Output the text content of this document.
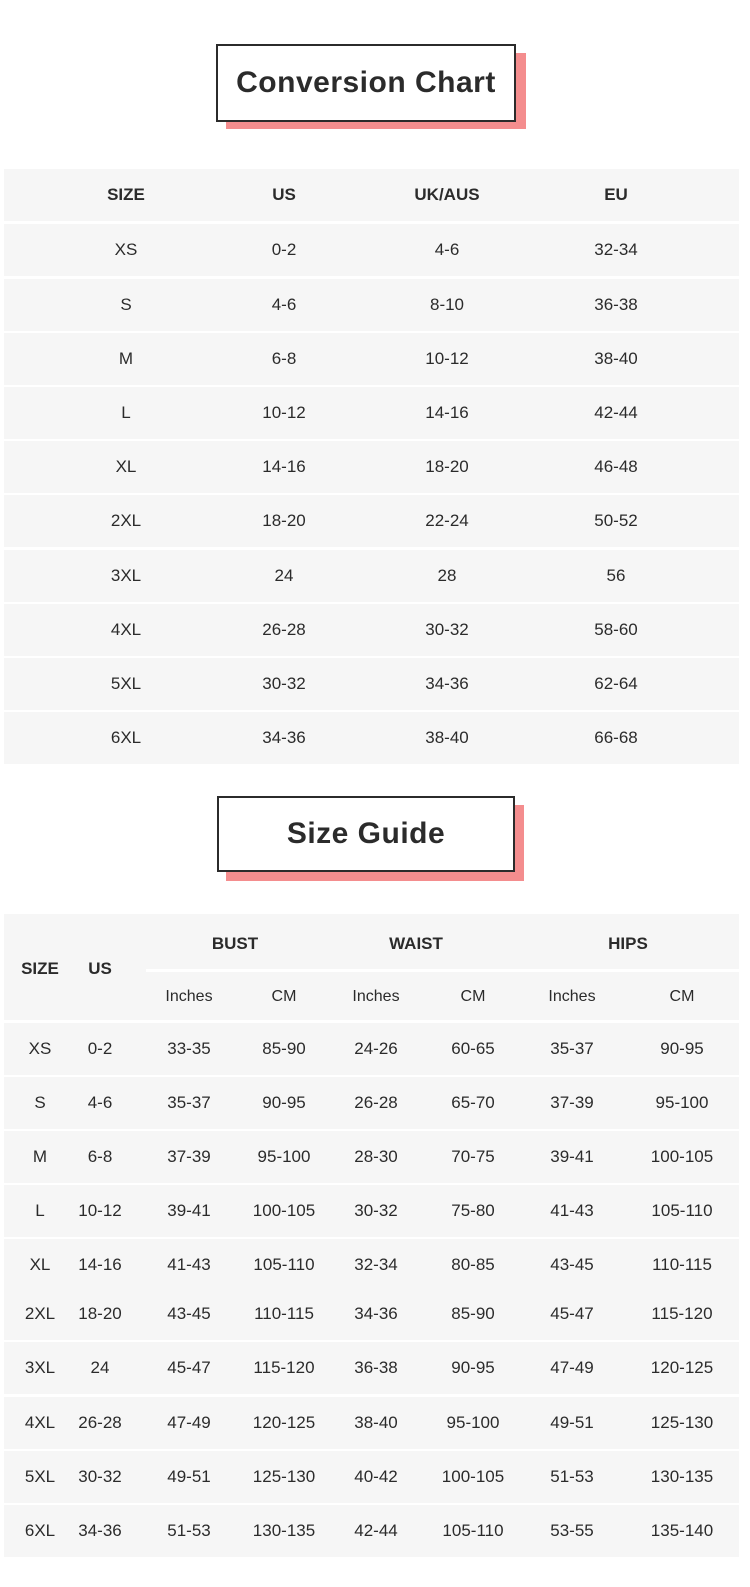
Conversion Chart
SIZE	US	UK/AUS	EU
XS	0-2	4-6	32-34
S	4-6	8-10	36-38
M	6-8	10-12	38-40
L	10-12	14-16	42-44
XL	14-16	18-20	46-48
2XL	18-20	22-24	50-52
3XL	24	28	56
4XL	26-28	30-32	58-60
5XL	30-32	34-36	62-64
6XL	34-36	38-40	66-68
Size Guide
SIZE	US
BUST	WAIST	HIPS
Inches	CM	Inches	CM	Inches	CM
XS	0-2	33-35	85-90	24-26	60-65	35-37	90-95
S	4-6	35-37	90-95	26-28	65-70	37-39	95-100
M	6-8	37-39	95-100	28-30	70-75	39-41	100-105
L	10-12	39-41	100-105	30-32	75-80	41-43	105-110
XL	14-16	41-43	105-110	32-34	80-85	43-45	110-115
2XL	18-20	43-45	110-115	34-36	85-90	45-47	115-120
3XL	24	45-47	115-120	36-38	90-95	47-49	120-125
4XL	26-28	47-49	120-125	38-40	95-100	49-51	125-130
5XL	30-32	49-51	125-130	40-42	100-105	51-53	130-135
6XL	34-36	51-53	130-135	42-44	105-110	53-55	135-140
